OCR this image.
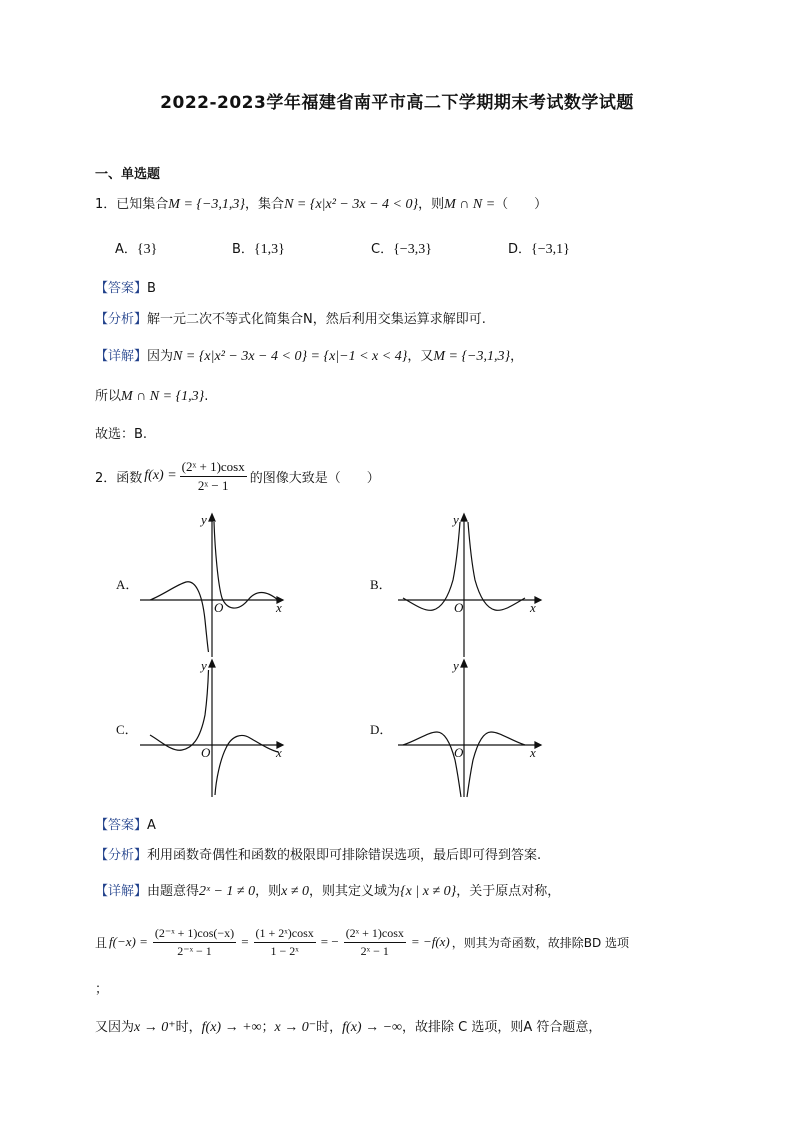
2022-2023学年福建省南平市高二下学期期末考试数学试题
一、单选题
1．已知集合M = {−3,1,3}，集合N = {x|x² − 3x − 4 < 0}，则M ∩ N =（　　）
A．{3}	B．{1,3}	C．{−3,3}	D．{−3,1}
【答案】B
【分析】解一元二次不等式化简集合N，然后利用交集运算求解即可.
【详解】因为N = {x|x² − 3x − 4 < 0} = {x|−1 < x < 4}，又M = {−3,1,3}，
所以M ∩ N = {1,3}.
故选：B.
2．函数 $f(x) = \frac{\text{(2ˣ + 1)cosx}}{\text{2ˣ − 1}}$ 的图像大致是（　　）
A．
y
x
O
B．
y
x
O
C．
y
x
O
D．
y
x
O
【答案】A
【分析】利用函数奇偶性和函数的极限即可排除错误选项，最后即可得到答案.
【详解】由题意得2ˣ − 1 ≠ 0，则x ≠ 0，则其定义域为{x | x ≠ 0}，关于原点对称，
且 $f(-x) = \frac{\text{(2⁻ˣ + 1)cos(−x)}}{\text{2⁻ˣ − 1}} = \frac{\text{(1 + 2ˣ)cosx}}{\text{1 − 2ˣ}}$ = − $\frac{\text{(2ˣ + 1)cosx}}{\text{2ˣ − 1}} = -f(x)$ ，则其为奇函数，故排除BD 选项
；
又因为x → 0⁺时，f(x) → +∞；x → 0⁻时，f(x) → −∞，故排除 C 选项，则A 符合题意，
